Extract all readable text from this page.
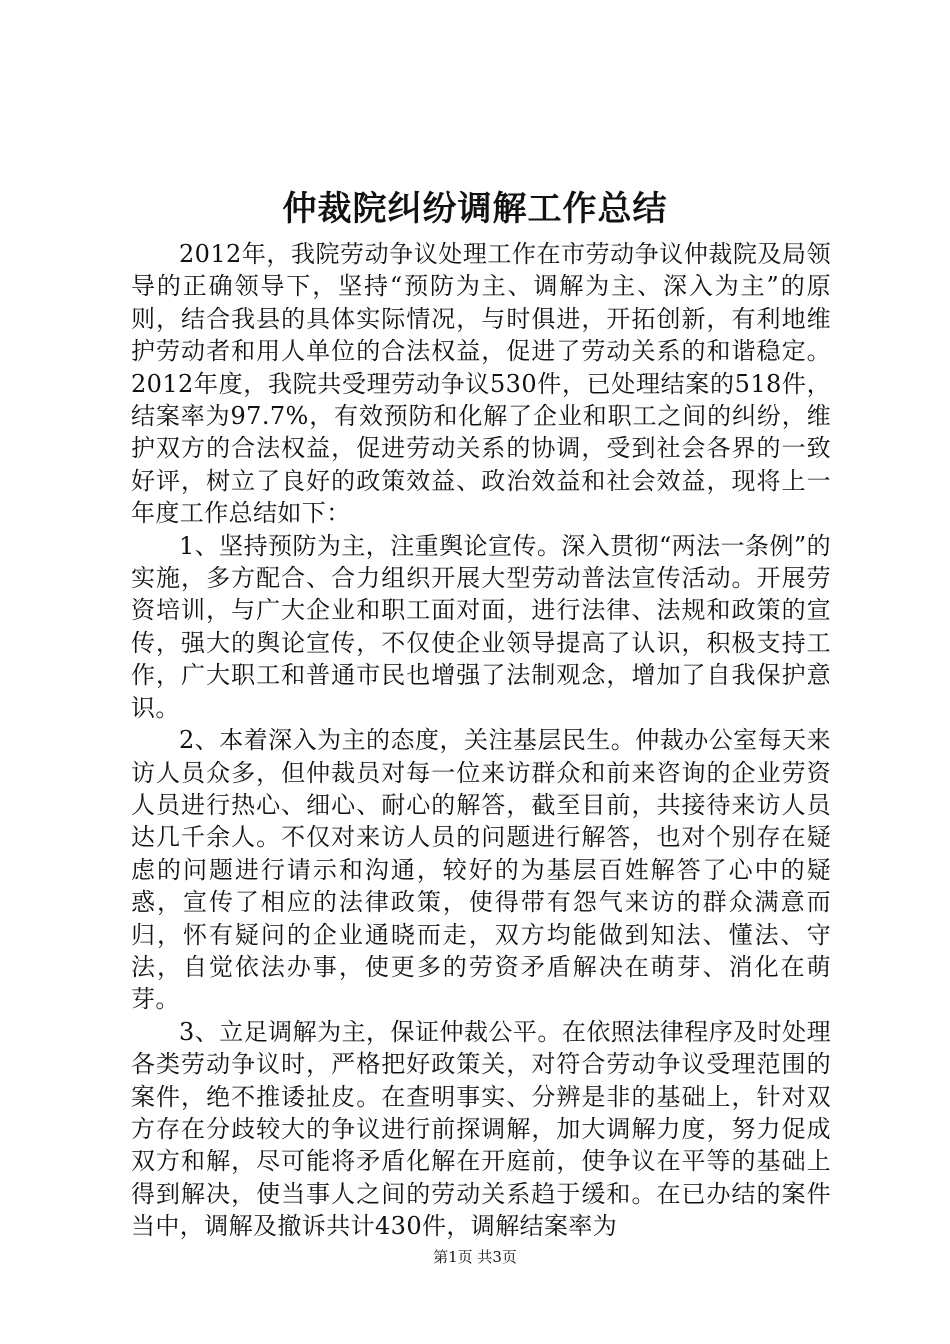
仲裁院纠纷调解工作总结

2012年，我院劳动争议处理工作在市劳动争议仲裁院及局领导的正确领导下，坚持“预防为主、调解为主、深入为主”的原则，结合我县的具体实际情况，与时俱进，开拓创新，有利地维护劳动者和用人单位的合法权益，促进了劳动关系的和谐稳定。2012年度，我院共受理劳动争议530件，已处理结案的518件，结案率为97.7%，有效预防和化解了企业和职工之间的纠纷，维护双方的合法权益，促进劳动关系的协调，受到社会各界的一致好评，树立了良好的政策效益、政治效益和社会效益，现将上一年度工作总结如下：

1、坚持预防为主，注重舆论宣传。深入贯彻“两法一条例”的实施，多方配合、合力组织开展大型劳动普法宣传活动。开展劳资培训，与广大企业和职工面对面，进行法律、法规和政策的宣传，强大的舆论宣传，不仅使企业领导提高了认识，积极支持工作，广大职工和普通市民也增强了法制观念，增加了自我保护意识。

2、本着深入为主的态度，关注基层民生。仲裁办公室每天来访人员众多，但仲裁员对每一位来访群众和前来咨询的企业劳资人员进行热心、细心、耐心的解答，截至目前，共接待来访人员达几千余人。不仅对来访人员的问题进行解答，也对个别存在疑虑的问题进行请示和沟通，较好的为基层百姓解答了心中的疑惑，宣传了相应的法律政策，使得带有怨气来访的群众满意而归，怀有疑问的企业通晓而走，双方均能做到知法、懂法、守法，自觉依法办事，使更多的劳资矛盾解决在萌芽、消化在萌芽。

3、立足调解为主，保证仲裁公平。在依照法律程序及时处理各类劳动争议时，严格把好政策关，对符合劳动争议受理范围的案件，绝不推诿扯皮。在查明事实、分辨是非的基础上，针对双方存在分歧较大的争议进行前探调解，加大调解力度，努力促成双方和解，尽可能将矛盾化解在开庭前，使争议在平等的基础上得到解决，使当事人之间的劳动关系趋于缓和。在已办结的案件当中，调解及撤诉共计430件，调解结案率为

第1页 共3页
